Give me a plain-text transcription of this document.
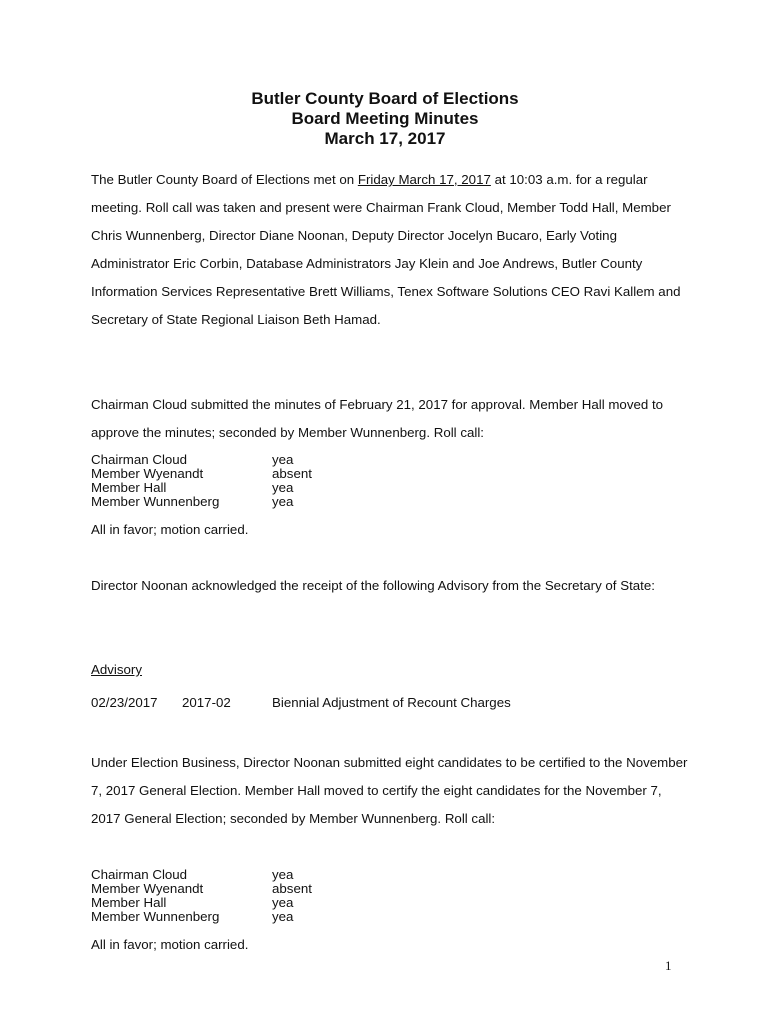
Butler County Board of Elections

Board Meeting Minutes

March 17, 2017

The Butler County Board of Elections met on Friday March 17, 2017 at 10:03 a.m. for a regular meeting. Roll call was taken and present were Chairman Frank Cloud, Member Todd Hall, Member Chris Wunnenberg, Director Diane Noonan, Deputy Director Jocelyn Bucaro, Early Voting Administrator Eric Corbin, Database Administrators Jay Klein and Joe Andrews, Butler County Information Services Representative Brett Williams, Tenex Software Solutions CEO Ravi Kallem and Secretary of State Regional Liaison Beth Hamad.

Chairman Cloud submitted the minutes of February 21, 2017 for approval. Member Hall moved to approve the minutes; seconded by Member Wunnenberg. Roll call:

Chairman Cloud	yea
Member Wyenandt	absent
Member Hall	yea
Member Wunnenberg	yea

All in favor; motion carried.

Director Noonan acknowledged the receipt of the following Advisory from the Secretary of State:

Advisory
02/23/2017	2017-02	Biennial Adjustment of Recount Charges

Under Election Business, Director Noonan submitted eight candidates to be certified to the November 7, 2017 General Election. Member Hall moved to certify the eight candidates for the November 7, 2017 General Election; seconded by Member Wunnenberg. Roll call:

Chairman Cloud	yea
Member Wyenandt	absent
Member Hall	yea
Member Wunnenberg	yea

All in favor; motion carried.

1
